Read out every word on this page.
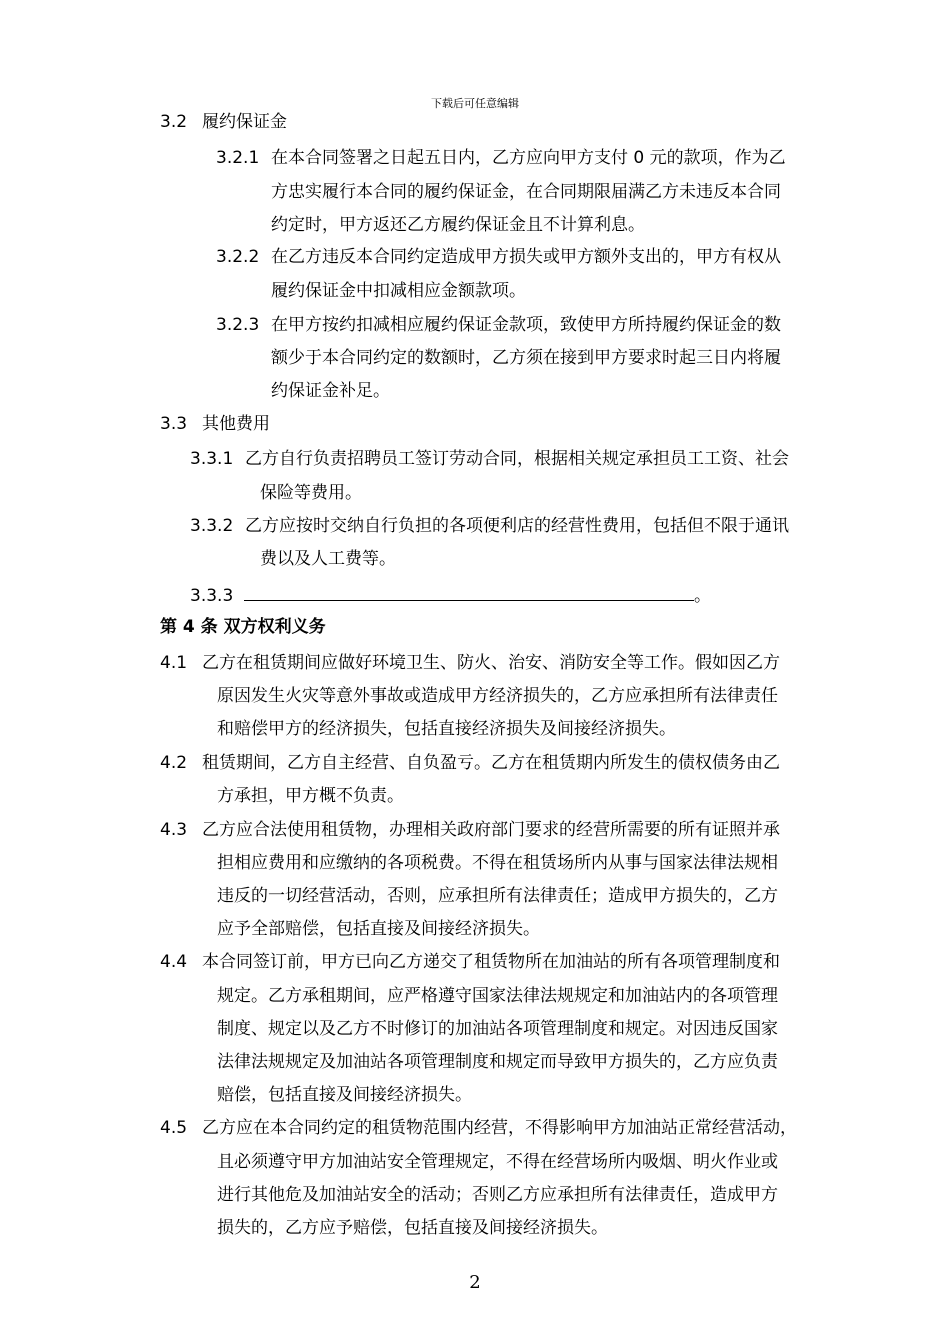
下载后可任意编辑
3.2 履约保证金
3.2.1 在本合同签署之日起五日内，乙方应向甲方支付 0 元的款项，作为乙
方忠实履行本合同的履约保证金，在合同期限届满乙方未违反本合同
约定时，甲方返还乙方履约保证金且不计算利息。
3.2.2 在乙方违反本合同约定造成甲方损失或甲方额外支出的，甲方有权从
履约保证金中扣减相应金额款项。
3.2.3 在甲方按约扣减相应履约保证金款项，致使甲方所持履约保证金的数
额少于本合同约定的数额时，乙方须在接到甲方要求时起三日内将履
约保证金补足。
3.3 其他费用
3.3.1 乙方自行负责招聘员工签订劳动合同，根据相关规定承担员工工资、社会
保险等费用。
3.3.2 乙方应按时交纳自行负担的各项便利店的经营性费用，包括但不限于通讯
费以及人工费等。
3.3.3	。
第 4 条 双方权利义务
4.1 乙方在租赁期间应做好环境卫生、防火、治安、消防安全等工作。假如因乙方
原因发生火灾等意外事故或造成甲方经济损失的，乙方应承担所有法律责任
和赔偿甲方的经济损失，包括直接经济损失及间接经济损失。
4.2 租赁期间，乙方自主经营、自负盈亏。乙方在租赁期内所发生的债权债务由乙
方承担，甲方概不负责。
4.3 乙方应合法使用租赁物，办理相关政府部门要求的经营所需要的所有证照并承
担相应费用和应缴纳的各项税费。不得在租赁场所内从事与国家法律法规相
违反的一切经营活动，否则，应承担所有法律责任；造成甲方损失的，乙方
应予全部赔偿，包括直接及间接经济损失。
4.4 本合同签订前，甲方已向乙方递交了租赁物所在加油站的所有各项管理制度和
规定。乙方承租期间，应严格遵守国家法律法规规定和加油站内的各项管理
制度、规定以及乙方不时修订的加油站各项管理制度和规定。对因违反国家
法律法规规定及加油站各项管理制度和规定而导致甲方损失的，乙方应负责
赔偿，包括直接及间接经济损失。
4.5 乙方应在本合同约定的租赁物范围内经营，不得影响甲方加油站正常经营活动，
且必须遵守甲方加油站安全管理规定，不得在经营场所内吸烟、明火作业或
进行其他危及加油站安全的活动；否则乙方应承担所有法律责任，造成甲方
损失的，乙方应予赔偿，包括直接及间接经济损失。
2
